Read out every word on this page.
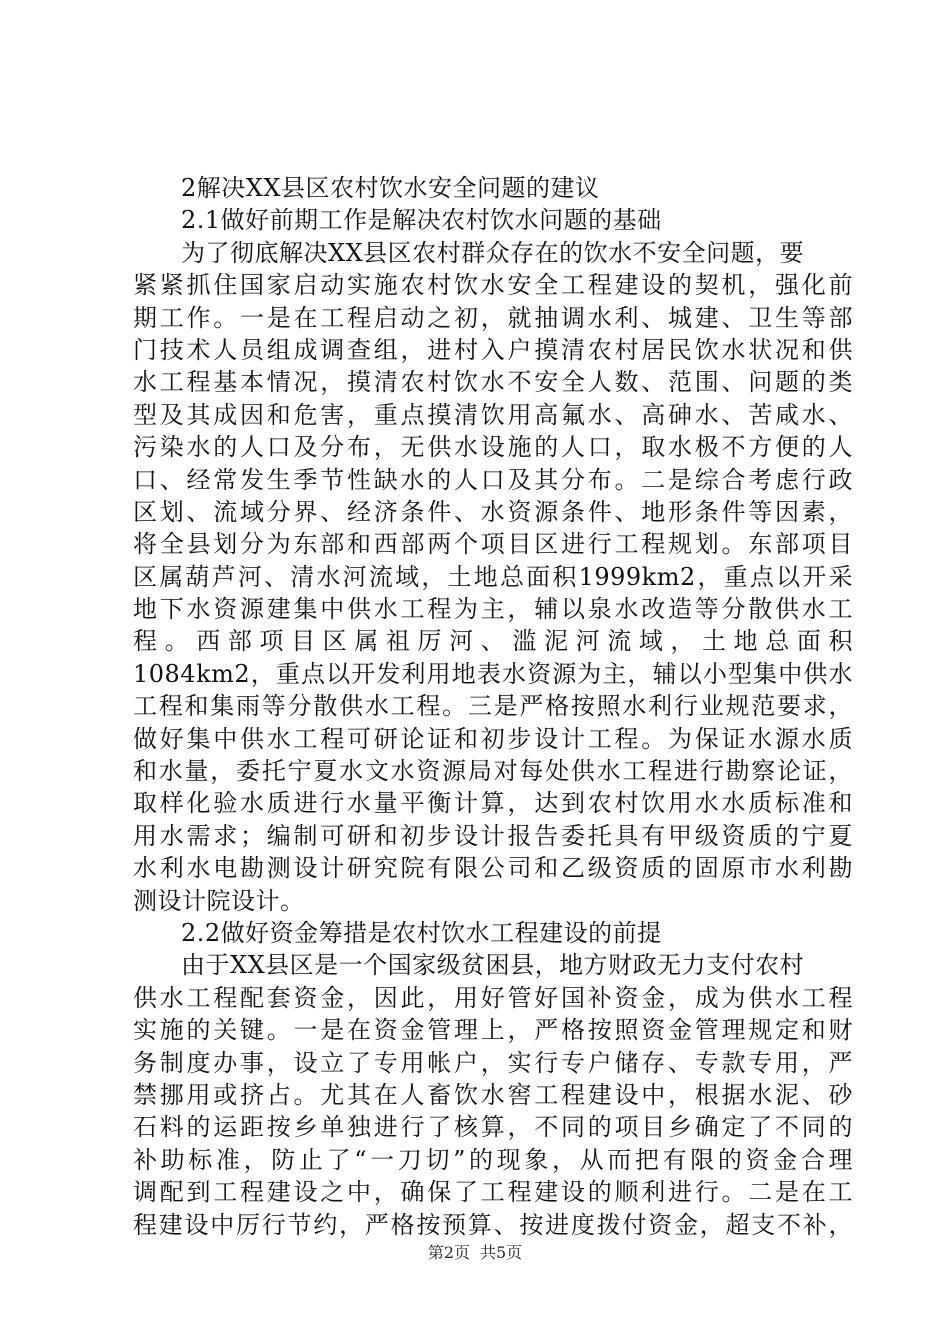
2解决XX县区农村饮水安全问题的建议
2.1做好前期工作是解决农村饮水问题的基础
为了彻底解决XX县区农村群众存在的饮水不安全问题，要
紧紧抓住国家启动实施农村饮水安全工程建设的契机，强化前
期工作。一是在工程启动之初，就抽调水利、城建、卫生等部
门技术人员组成调查组，进村入户摸清农村居民饮水状况和供
水工程基本情况，摸清农村饮水不安全人数、范围、问题的类
型及其成因和危害，重点摸清饮用高氟水、高砷水、苦咸水、
污染水的人口及分布，无供水设施的人口，取水极不方便的人
口、经常发生季节性缺水的人口及其分布。二是综合考虑行政
区划、流域分界、经济条件、水资源条件、地形条件等因素，
将全县划分为东部和西部两个项目区进行工程规划。东部项目
区属葫芦河、清水河流域，土地总面积1999km2，重点以开采
地下水资源建集中供水工程为主，辅以泉水改造等分散供水工
程。西部项目区属祖厉河、滥泥河流域，土地总面积
1084km2，重点以开发利用地表水资源为主，辅以小型集中供水
工程和集雨等分散供水工程。三是严格按照水利行业规范要求，
做好集中供水工程可研论证和初步设计工程。为保证水源水质
和水量，委托宁夏水文水资源局对每处供水工程进行勘察论证，
取样化验水质进行水量平衡计算，达到农村饮用水水质标准和
用水需求；编制可研和初步设计报告委托具有甲级资质的宁夏
水利水电勘测设计研究院有限公司和乙级资质的固原市水利勘
测设计院设计。
2.2做好资金筹措是农村饮水工程建设的前提
由于XX县区是一个国家级贫困县，地方财政无力支付农村
供水工程配套资金，因此，用好管好国补资金，成为供水工程
实施的关键。一是在资金管理上，严格按照资金管理规定和财
务制度办事，设立了专用帐户，实行专户储存、专款专用，严
禁挪用或挤占。尤其在人畜饮水窖工程建设中，根据水泥、砂
石料的运距按乡单独进行了核算，不同的项目乡确定了不同的
补助标准，防止了“一刀切”的现象，从而把有限的资金合理
调配到工程建设之中，确保了工程建设的顺利进行。二是在工
程建设中厉行节约，严格按预算、按进度拨付资金，超支不补，
第2页 共5页
